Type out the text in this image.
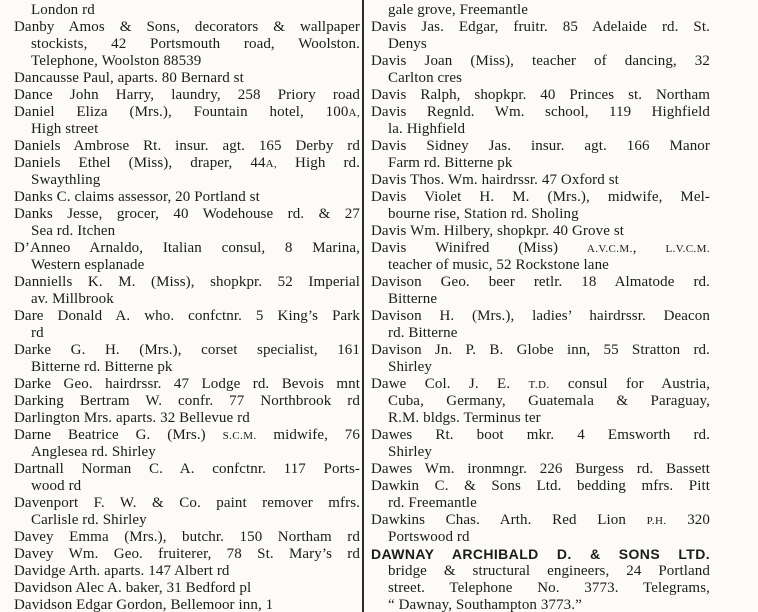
London rd
Danby Amos & Sons, decorators & wallpaper
stockists, 42 Portsmouth road, Woolston.
Telephone, Woolston 88539
Dancausse Paul, aparts. 80 Bernard st
Dance John Harry, laundry, 258 Priory road
Daniel Eliza (Mrs.), Fountain hotel, 100A,
High street
Daniels Ambrose Rt. insur. agt. 165 Derby rd
Daniels Ethel (Miss), draper, 44A, High rd.
Swaythling
Danks C. claims assessor, 20 Portland st
Danks Jesse, grocer, 40 Wodehouse rd. & 27
Sea rd. Itchen
D’Anneo Arnaldo, Italian consul, 8 Marina,
Western esplanade
Danniells K. M. (Miss), shopkpr. 52 Imperial
av. Millbrook
Dare Donald A. who. confctnr. 5 King’s Park
rd
Darke G. H. (Mrs.), corset specialist, 161
Bitterne rd. Bitterne pk
Darke Geo. hairdrssr. 47 Lodge rd. Bevois mnt
Darking Bertram W. confr. 77 Northbrook rd
Darlington Mrs. aparts. 32 Bellevue rd
Darne Beatrice G. (Mrs.) S.C.M. midwife, 76
Anglesea rd. Shirley
Dartnall Norman C. A. confctnr. 117 Ports-
wood rd
Davenport F. W. & Co. paint remover mfrs.
Carlisle rd. Shirley
Davey Emma (Mrs.), butchr. 150 Northam rd
Davey Wm. Geo. fruiterer, 78 St. Mary’s rd
Davidge Arth. aparts. 147 Albert rd
Davidson Alec A. baker, 31 Bedford pl
Davidson Edgar Gordon, Bellemoor inn, 1
gale grove, Freemantle
Davis Jas. Edgar, fruitr. 85 Adelaide rd. St.
Denys
Davis Joan (Miss), teacher of dancing, 32
Carlton cres
Davis Ralph, shopkpr. 40 Princes st. Northam
Davis Regnld. Wm. school, 119 Highfield
la. Highfield
Davis Sidney Jas. insur. agt. 166 Manor
Farm rd. Bitterne pk
Davis Thos. Wm. hairdrssr. 47 Oxford st
Davis Violet H. M. (Mrs.), midwife, Mel-
bourne rise, Station rd. Sholing
Davis Wm. Hilbery, shopkpr. 40 Grove st
Davis Winifred (Miss) A.V.C.M., L.V.C.M.
teacher of music, 52 Rockstone lane
Davison Geo. beer retlr. 18 Almatode rd.
Bitterne
Davison H. (Mrs.), ladies’ hairdrssr. Deacon
rd. Bitterne
Davison Jn. P. B. Globe inn, 55 Stratton rd.
Shirley
Dawe Col. J. E. T.D. consul for Austria,
Cuba, Germany, Guatemala & Paraguay,
R.M. bldgs. Terminus ter
Dawes Rt. boot mkr. 4 Emsworth rd.
Shirley
Dawes Wm. ironmngr. 226 Burgess rd. Bassett
Dawkin C. & Sons Ltd. bedding mfrs. Pitt
rd. Freemantle
Dawkins Chas. Arth. Red Lion P.H. 320
Portswood rd
DAWNAY ARCHIBALD D. & SONS LTD.
bridge & structural engineers, 24 Portland
street. Telephone No. 3773. Telegrams,
“ Dawnay, Southampton 3773.”
